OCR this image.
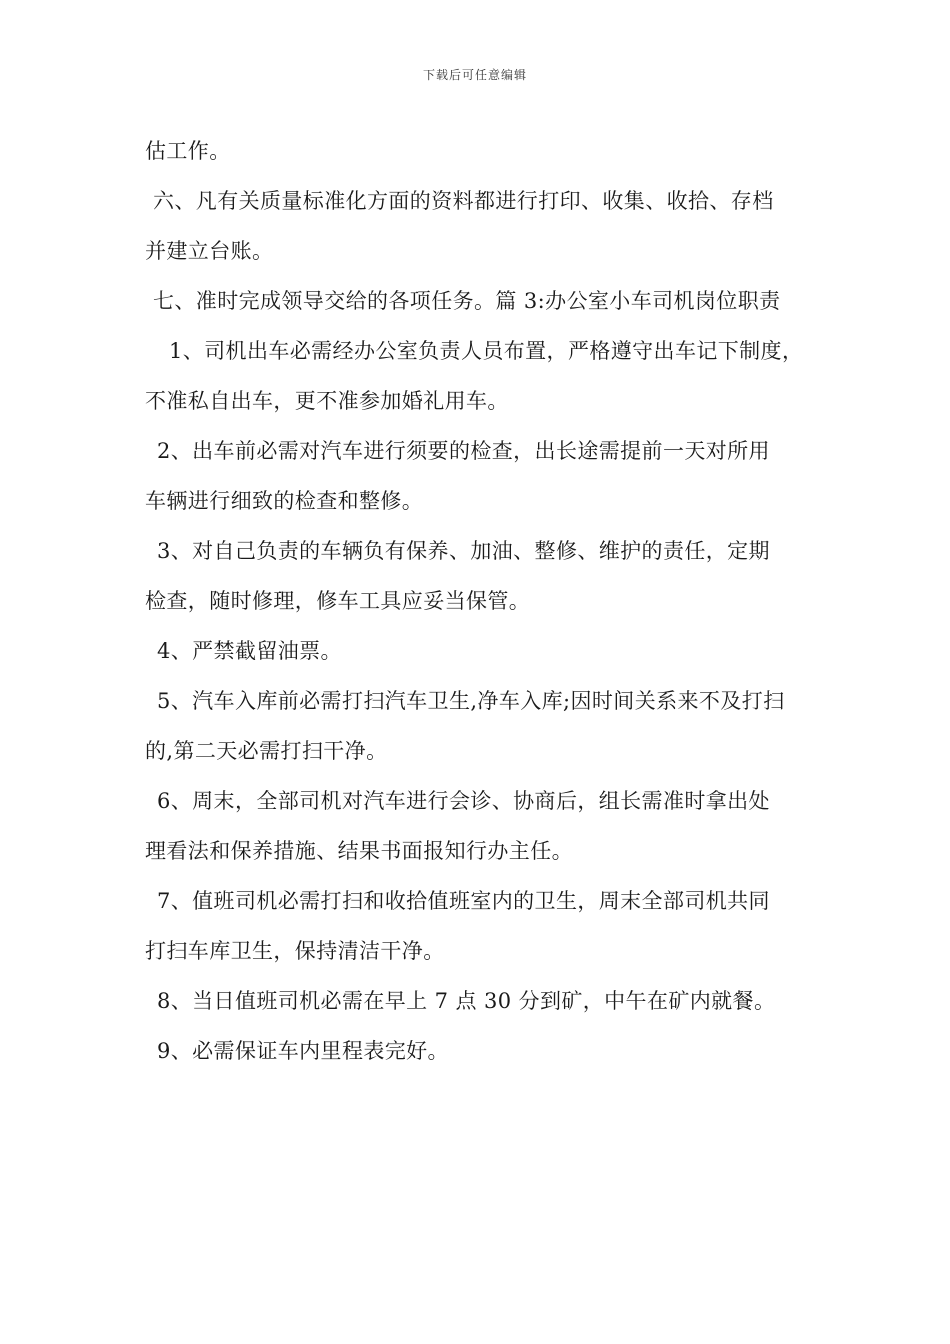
下载后可任意编辑
估工作。
六、凡有关质量标准化方面的资料都进行打印、收集、收拾、存档
并建立台账。
七、准时完成领导交给的各项任务。篇 3:办公室小车司机岗位职责
1、司机出车必需经办公室负责人员布置，严格遵守出车记下制度，
不准私自出车，更不准参加婚礼用车。
2、出车前必需对汽车进行须要的检查，出长途需提前一天对所用
车辆进行细致的检查和整修。
3、对自己负责的车辆负有保养、加油、整修、维护的责任，定期
检查，随时修理，修车工具应妥当保管。
4、严禁截留油票。
5、汽车入库前必需打扫汽车卫生,净车入库;因时间关系来不及打扫
的,第二天必需打扫干净。
6、周末，全部司机对汽车进行会诊、协商后，组长需准时拿出处
理看法和保养措施、结果书面报知行办主任。
7、值班司机必需打扫和收拾值班室内的卫生，周末全部司机共同
打扫车库卫生，保持清洁干净。
8、当日值班司机必需在早上 7 点 30 分到矿，中午在矿内就餐。
9、必需保证车内里程表完好。
